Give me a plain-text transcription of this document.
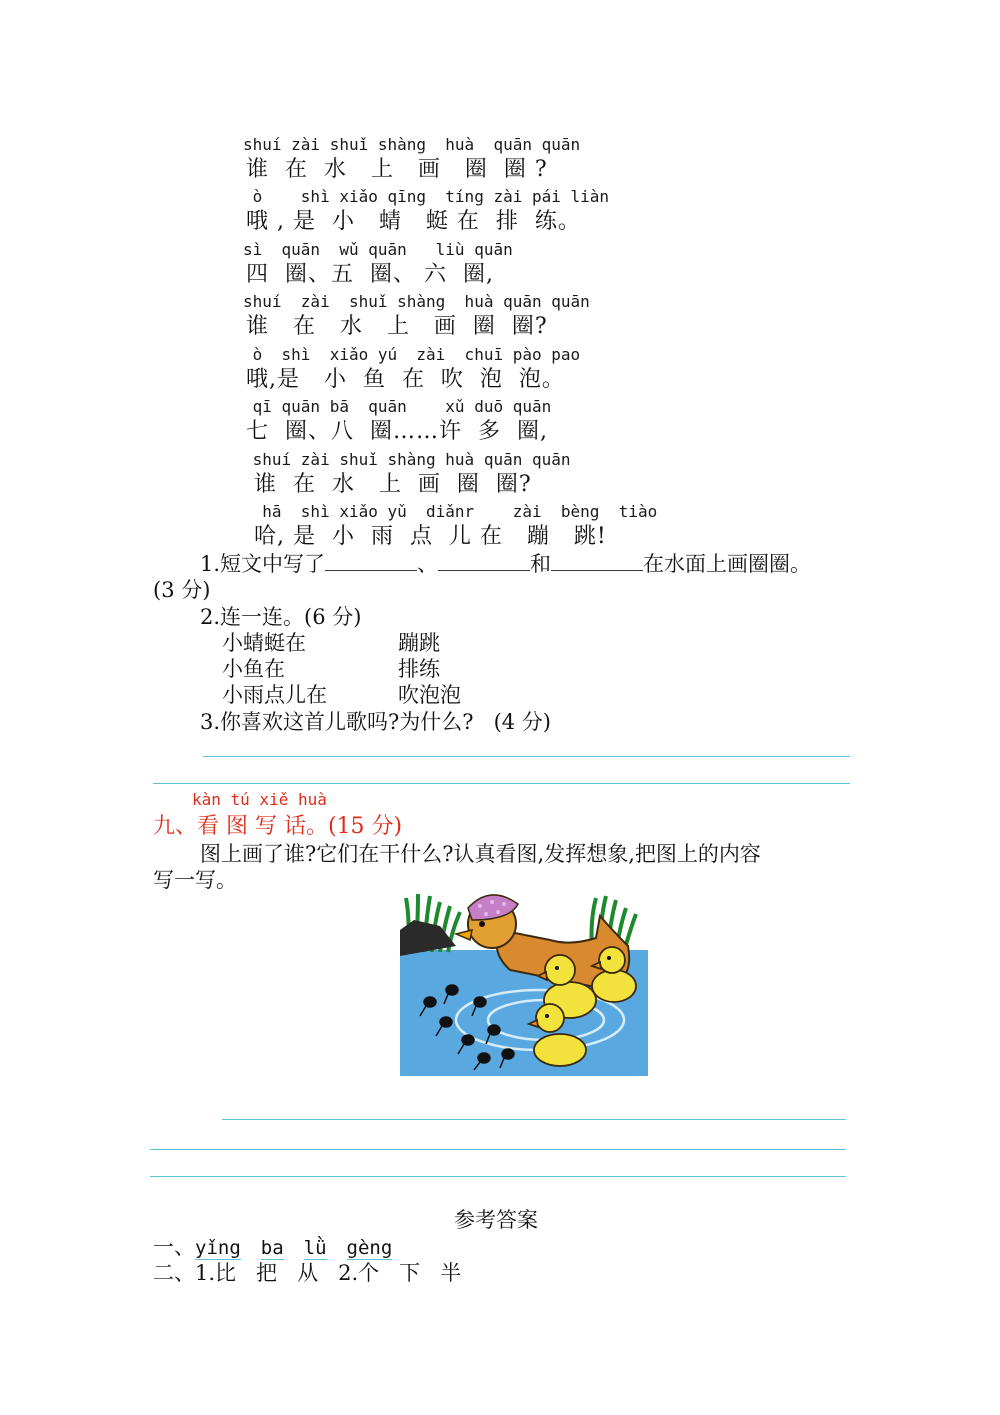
shuí zài shuǐ shàng  huà  quān quān
谁  在  水   上   画   圈  圈 ?
ò    shì xiǎo qīng  tíng zài pái liàn
哦 , 是  小   蜻   蜓 在  排  练。
sì  quān  wǔ quān   liù quān
四  圈、五  圈、 六  圈,
shuí  zài  shuǐ shàng  huà quān quān
谁   在   水   上   画  圈  圈?
ò  shì  xiǎo yú  zài  chuī pào pao
哦,是   小  鱼  在  吹  泡  泡。
qī quān bā  quān    xǔ duō quān
七  圈、八  圈……许  多  圈,
shuí zài shuǐ shàng huà quān quān
谁  在  水   上  画  圈  圈?
hā  shì xiǎo yǔ  diǎnr    zài  bèng  tiào
哈, 是  小  雨  点  儿 在   蹦   跳!
1.短文中写了	、	和	在水面上画圈圈。
(3 分)
2.连一连。(6 分)
小蜻蜓在	蹦跳
小鱼在	排练
小雨点儿在	吹泡泡
3.你喜欢这首儿歌吗?为什么?   (4 分)
kàn tú xiě huà
九、看 图 写 话。(15 分)
图上画了谁?它们在干什么?认真看图,发挥想象,把图上的内容
写一写。
参考答案
一、yǐng ba lǜ gèng
二、1.比   把   从   2.个   下   半
